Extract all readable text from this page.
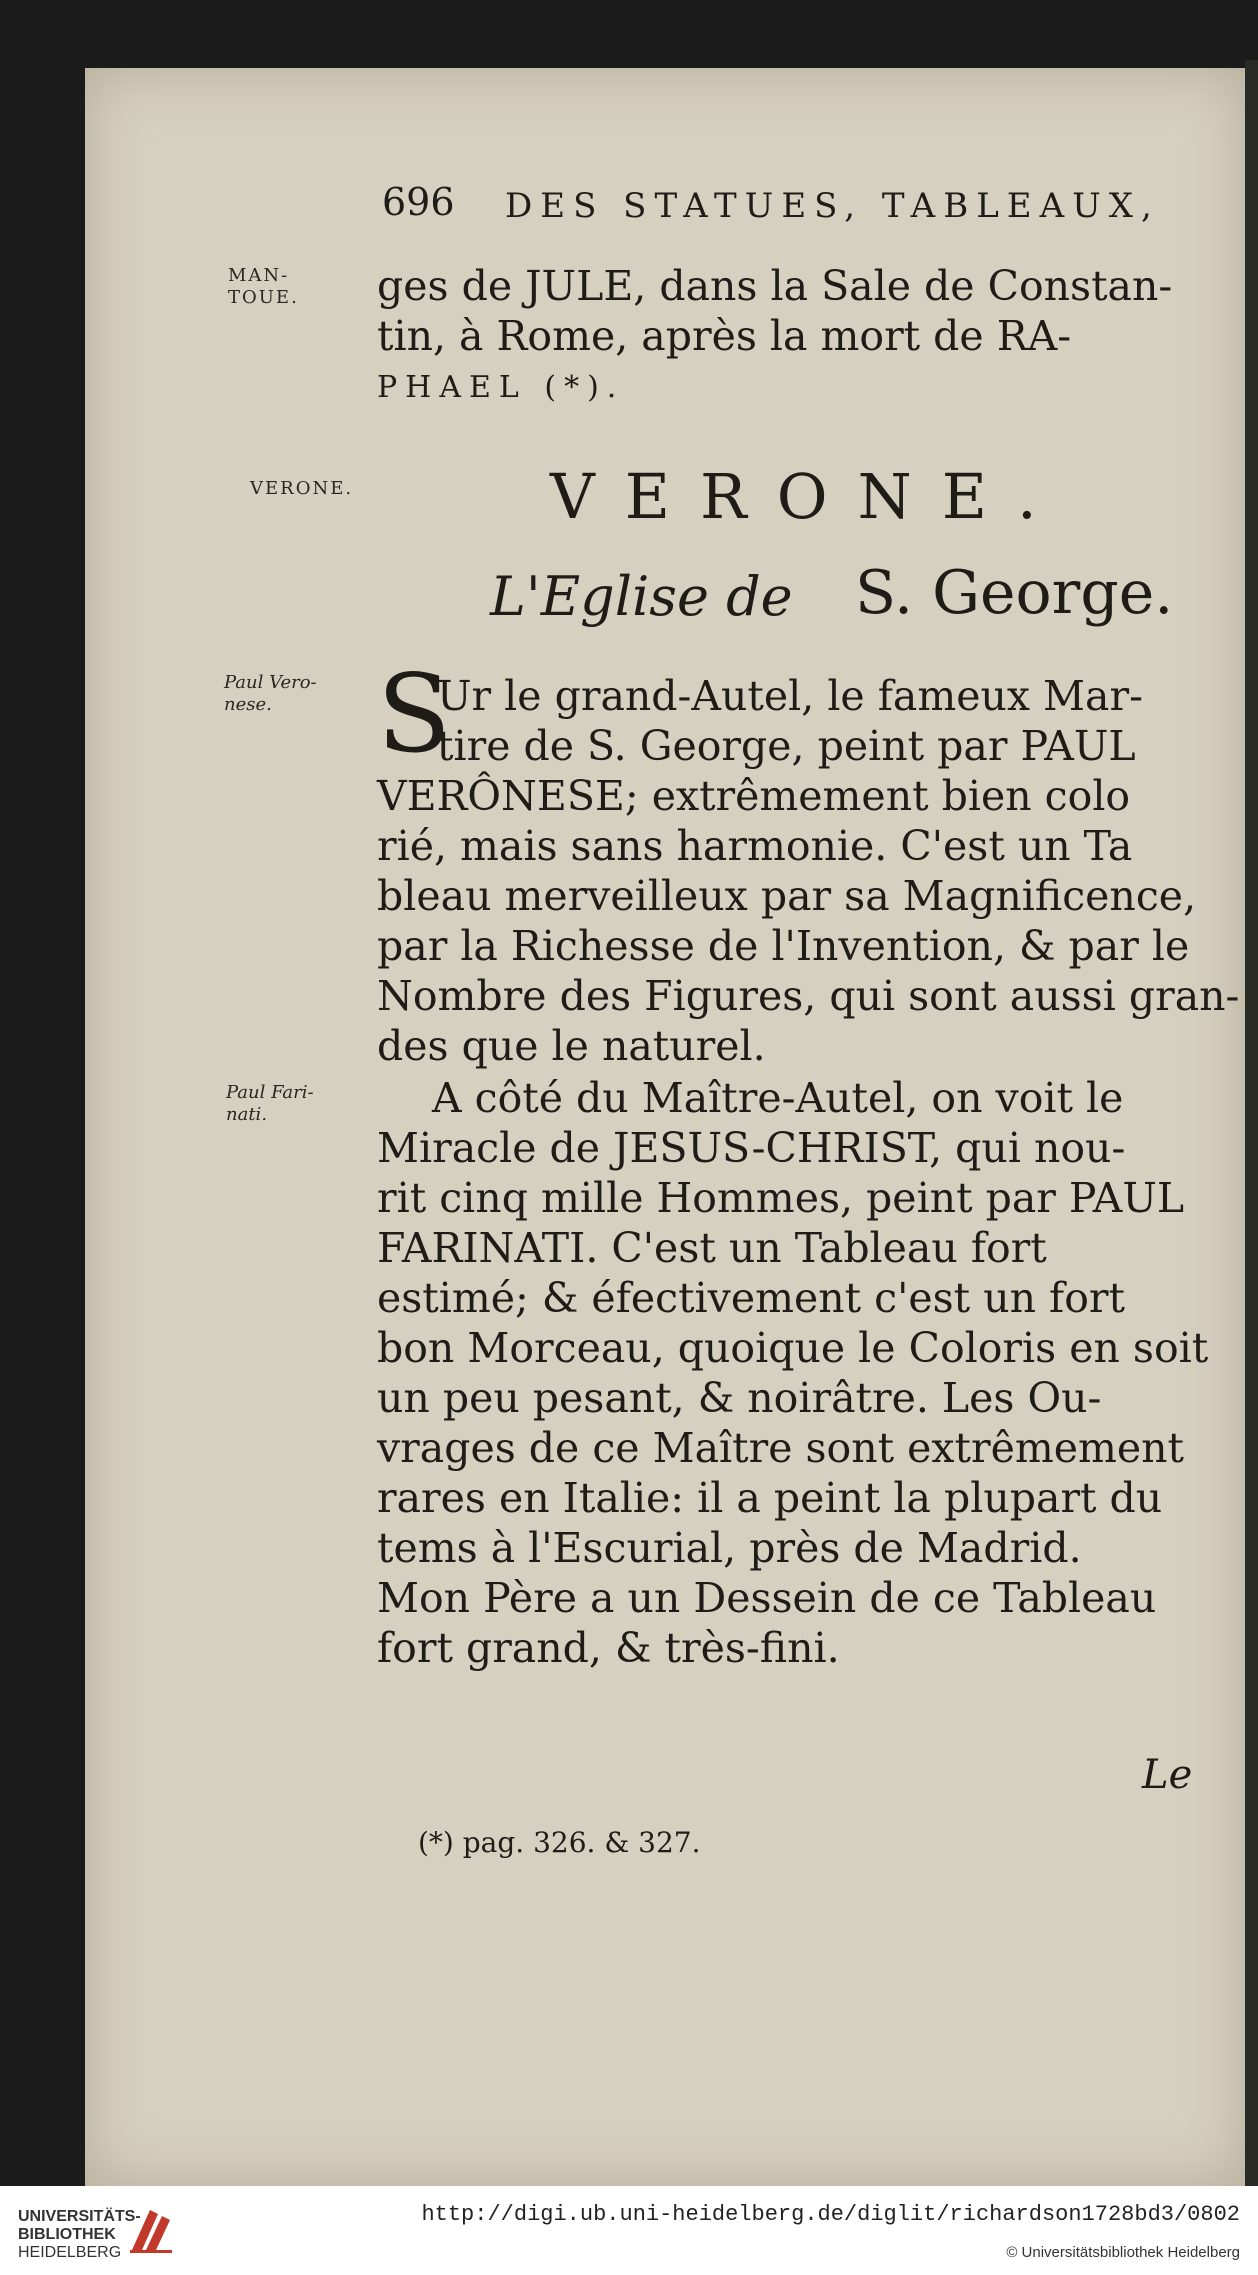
696 DES STATUES, TABLEAUX,
MAN- TOUE.
VERONE.
Paul Vero- nese.
Paul Fari- nati.
ges de JULE, dans la Sale de Constan-
tin, à Rome, après la mort de RA-
PHAEL (*).
VERONE.
L'Eglise de S. George.
S
Ur le grand-Autel, le fameux Mar-
tire de S. George, peint par PAUL
VERÔNESE; extrêmement bien colo
rié, mais sans harmonie. C'est un Ta
bleau merveilleux par sa Magnificence,
par la Richesse de l'Invention, & par le
Nombre des Figures, qui sont aussi gran-
des que le naturel.
A côté du Maître-Autel, on voit le
Miracle de JESUS-CHRIST, qui nou-
rit cinq mille Hommes, peint par PAUL
FARINATI. C'est un Tableau fort
estimé; & éfectivement c'est un fort
bon Morceau, quoique le Coloris en soit
un peu pesant, & noirâtre. Les Ou-
vrages de ce Maître sont extrêmement
rares en Italie: il a peint la plupart du
tems à l'Escurial, près de Madrid.
Mon Père a un Dessein de ce Tableau
fort grand, & très-fini.
Le
(*) pag. 326. & 327.
UNIVERSITÄTS-
BIBLIOTHEK
HEIDELBERG
http://digi.ub.uni-heidelberg.de/diglit/richardson1728bd3/0802
© Universitätsbibliothek Heidelberg
